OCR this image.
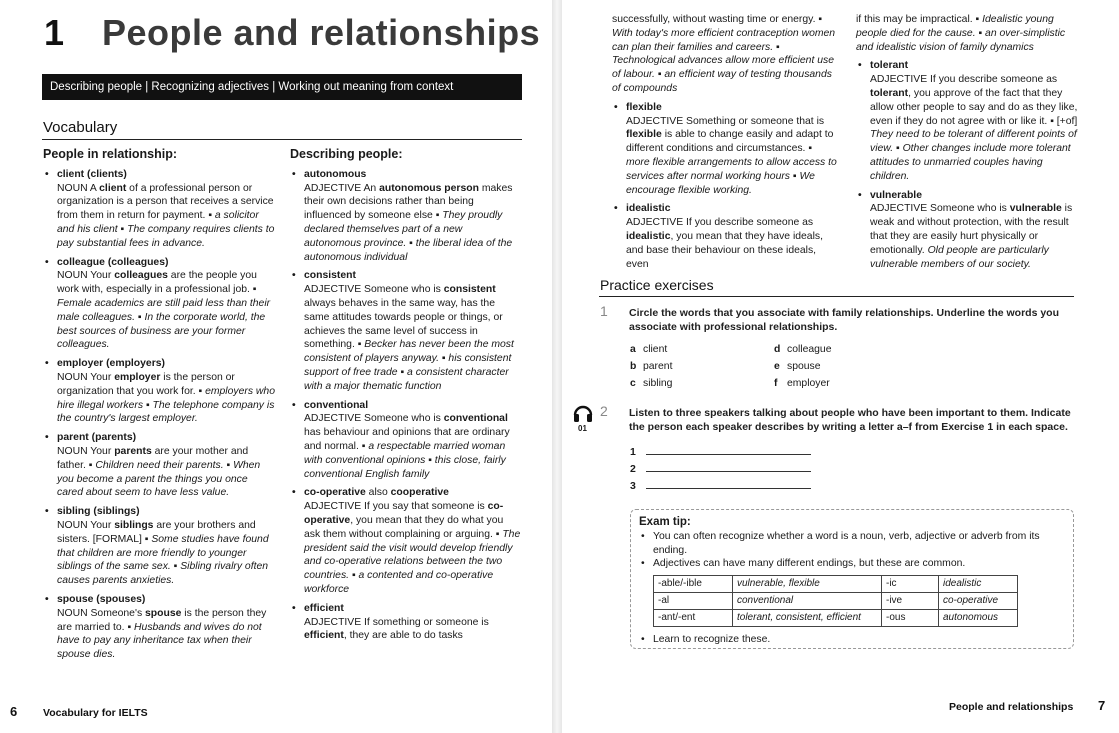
1 People and relationships
Describing people | Recognizing adjectives | Working out meaning from context
Vocabulary
People in relationship:
• client (clients)
NOUN A client of a professional person or organization is a person that receives a service from them in return for payment. ▪ a solicitor and his client ▪ The company requires clients to pay substantial fees in advance.
• colleague (colleagues)
NOUN Your colleagues are the people you work with, especially in a professional job. ▪ Female academics are still paid less than their male colleagues. ▪ In the corporate world, the best sources of business are your former colleagues.
• employer (employers)
NOUN Your employer is the person or organization that you work for. ▪ employers who hire illegal workers ▪ The telephone company is the country's largest employer.
• parent (parents)
NOUN Your parents are your mother and father. ▪ Children need their parents. ▪ When you become a parent the things you once cared about seem to have less value.
• sibling (siblings)
NOUN Your siblings are your brothers and sisters. [FORMAL] ▪ Some studies have found that children are more friendly to younger siblings of the same sex. ▪ Sibling rivalry often causes parents anxieties.
• spouse (spouses)
NOUN Someone's spouse is the person they are married to. ▪ Husbands and wives do not have to pay any inheritance tax when their spouse dies.
Describing people:
• autonomous
ADJECTIVE An autonomous person makes their own decisions rather than being influenced by someone else ▪ They proudly declared themselves part of a new autonomous province. ▪ the liberal idea of the autonomous individual
• consistent
ADJECTIVE Someone who is consistent always behaves in the same way, has the same attitudes towards people or things, or achieves the same level of success in something. ▪ Becker has never been the most consistent of players anyway. ▪ his consistent support of free trade ▪ a consistent character with a major thematic function
• conventional
ADJECTIVE Someone who is conventional has behaviour and opinions that are ordinary and normal. ▪ a respectable married woman with conventional opinions ▪ this close, fairly conventional English family
• co-operative also cooperative
ADJECTIVE If you say that someone is co-operative, you mean that they do what you ask them without complaining or arguing. ▪ The president said the visit would develop friendly and co-operative relations between the two countries. ▪ a contented and co-operative workforce
• efficient
ADJECTIVE If something or someone is efficient, they are able to do tasks
6 Vocabulary for IELTS
successfully, without wasting time or energy. ▪ With today's more efficient contraception women can plan their families and careers. ▪ Technological advances allow more efficient use of labour. ▪ an efficient way of testing thousands of compounds
• flexible
ADJECTIVE Something or someone that is flexible is able to change easily and adapt to different conditions and circumstances. ▪ more flexible arrangements to allow access to services after normal working hours ▪ We encourage flexible working.
• idealistic
ADJECTIVE If you describe someone as idealistic, you mean that they have ideals, and base their behaviour on these ideals, even
if this may be impractical. ▪ Idealistic young people died for the cause. ▪ an over-simplistic and idealistic vision of family dynamics
• tolerant
ADJECTIVE If you describe someone as tolerant, you approve of the fact that they allow other people to say and do as they like, even if they do not agree with or like it. ▪ [+of] They need to be tolerant of different points of view. ▪ Other changes include more tolerant attitudes to unmarried couples having children.
• vulnerable
ADJECTIVE Someone who is vulnerable is weak and without protection, with the result that they are easily hurt physically or emotionally. Old people are particularly vulnerable members of our society.
Practice exercises
1 Circle the words that you associate with family relationships. Underline the words you associate with professional relationships.
a client
b parent
c sibling
d colleague
e spouse
f employer
01
2 Listen to three speakers talking about people who have been important to them. Indicate the person each speaker describes by writing a letter a–f from Exercise 1 in each space.
1
2
3
Exam tip:
• You can often recognize whether a word is a noun, verb, adjective or adverb from its ending.
• Adjectives can have many different endings, but these are common.
-able/-ible	vulnerable, flexible	-ic	idealistic
-al	conventional	-ive	co-operative
-ant/-ent	tolerant, consistent, efficient	-ous	autonomous
• Learn to recognize these.
People and relationships 7
